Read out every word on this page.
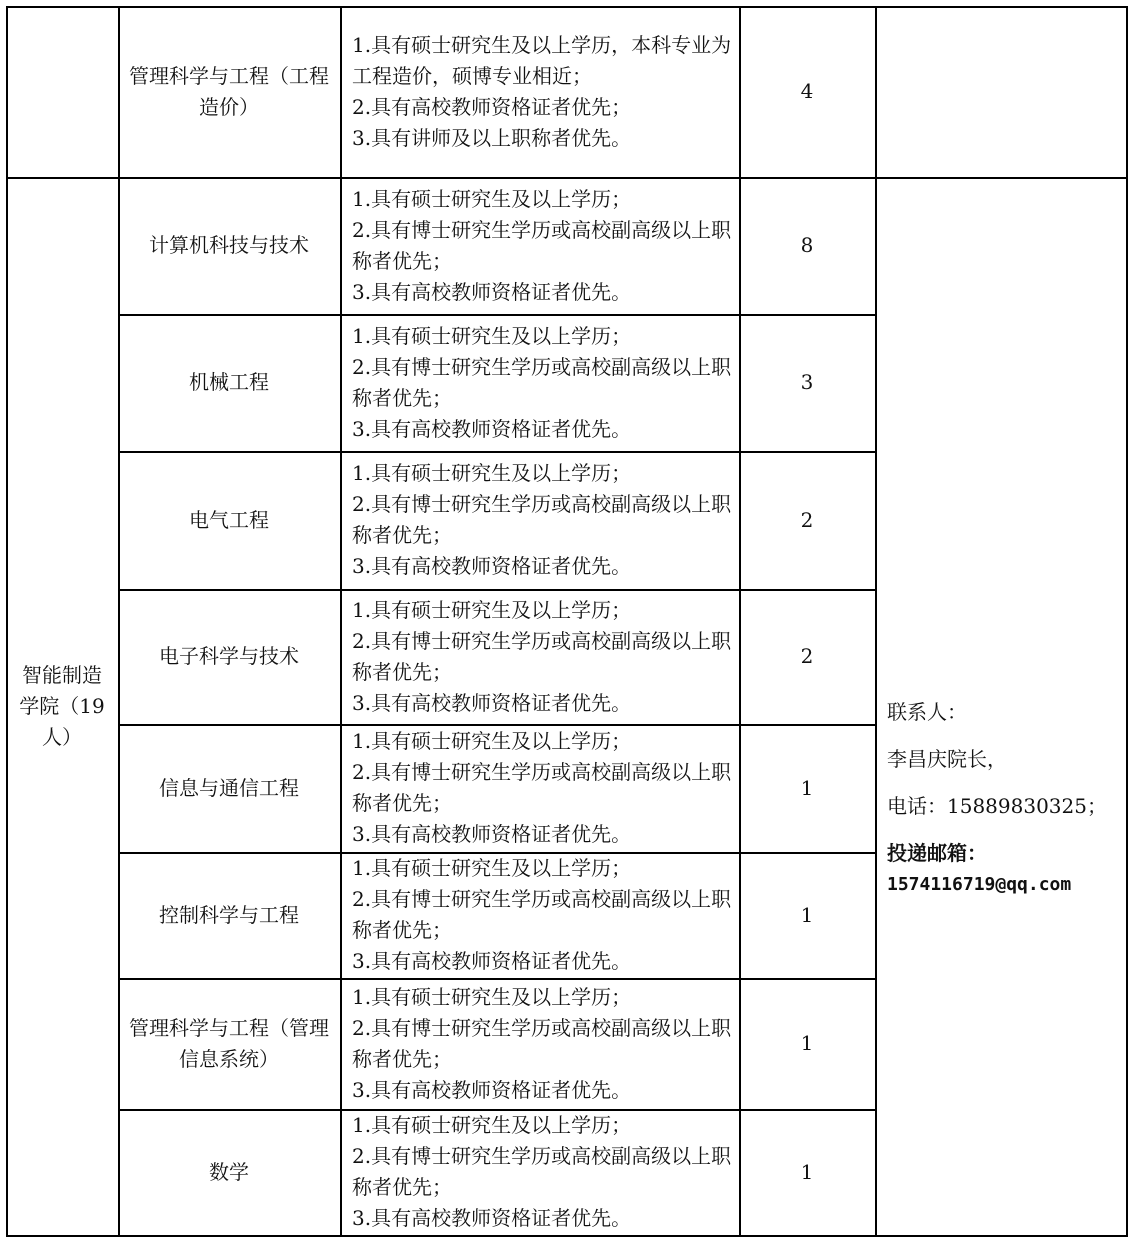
管理科学与工程（工程造价）
1.具有硕士研究生及以上学历，本科专业为工程造价，硕博专业相近；
2.具有高校教师资格证者优先；
3.具有讲师及以上职称者优先。
4
智能制造学院（19人）
计算机科技与技术
1.具有硕士研究生及以上学历；
2.具有博士研究生学历或高校副高级以上职称者优先；
3.具有高校教师资格证者优先。
8
机械工程
1.具有硕士研究生及以上学历；
2.具有博士研究生学历或高校副高级以上职称者优先；
3.具有高校教师资格证者优先。
3
电气工程
1.具有硕士研究生及以上学历；
2.具有博士研究生学历或高校副高级以上职称者优先；
3.具有高校教师资格证者优先。
2
电子科学与技术
1.具有硕士研究生及以上学历；
2.具有博士研究生学历或高校副高级以上职称者优先；
3.具有高校教师资格证者优先。
2
信息与通信工程
1.具有硕士研究生及以上学历；
2.具有博士研究生学历或高校副高级以上职称者优先；
3.具有高校教师资格证者优先。
1
控制科学与工程
1.具有硕士研究生及以上学历；
2.具有博士研究生学历或高校副高级以上职称者优先；
3.具有高校教师资格证者优先。
1
管理科学与工程（管理信息系统）
1.具有硕士研究生及以上学历；
2.具有博士研究生学历或高校副高级以上职称者优先；
3.具有高校教师资格证者优先。
1
数学
1.具有硕士研究生及以上学历；
2.具有博士研究生学历或高校副高级以上职称者优先；
3.具有高校教师资格证者优先。
1
联系人：
李昌庆院长，
电话：15889830325；
投递邮箱：
1574116719@qq.com
